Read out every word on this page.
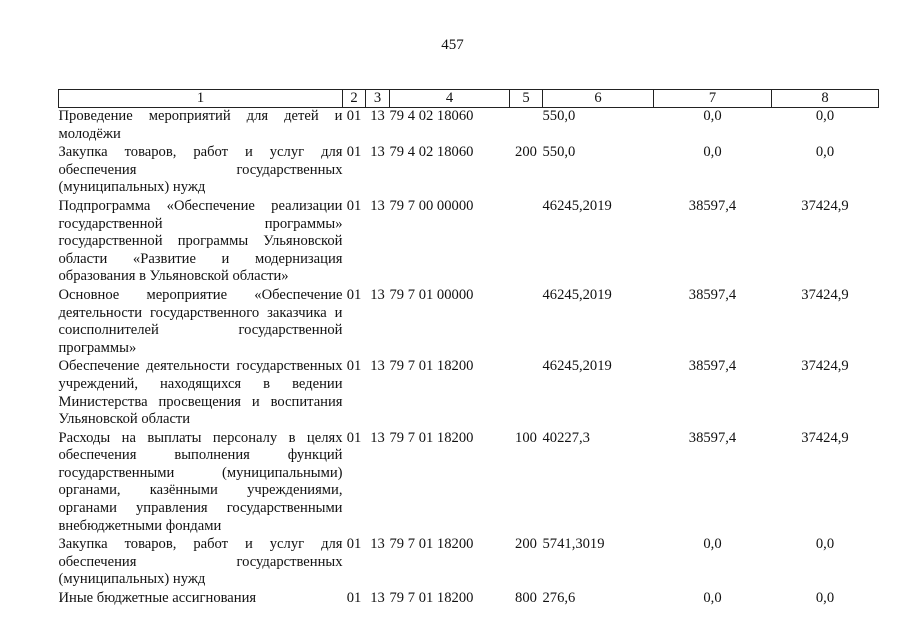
457
1	2	3	4	5	6	7	8
Проведение мероприятий для детей и молодёжи	01	13	79 4 02 18060		550,0	0,0	0,0
Закупка товаров, работ и услуг для обеспечения государственных (муниципальных) нужд	01	13	79 4 02 18060	200	550,0	0,0	0,0
Подпрограмма «Обеспечение реализации государственной программы» государственной программы Ульяновской области «Развитие и модернизация образования в Ульяновской области»	01	13	79 7 00 00000		46245,2019	38597,4	37424,9
Основное мероприятие «Обеспечение деятельности государственного заказчика и соисполнителей государственной программы»	01	13	79 7 01 00000		46245,2019	38597,4	37424,9
Обеспечение деятельности государственных учреждений, находящихся в ведении Министерства просвещения и воспитания Ульяновской области	01	13	79 7 01 18200		46245,2019	38597,4	37424,9
Расходы на выплаты персоналу в целях обеспечения выполнения функций государственными (муниципальными) органами, казёнными учреждениями, органами управления государственными внебюджетными фондами	01	13	79 7 01 18200	100	40227,3	38597,4	37424,9
Закупка товаров, работ и услуг для обеспечения государственных (муниципальных) нужд	01	13	79 7 01 18200	200	5741,3019	0,0	0,0
Иные бюджетные ассигнования	01	13	79 7 01 18200	800	276,6	0,0	0,0
